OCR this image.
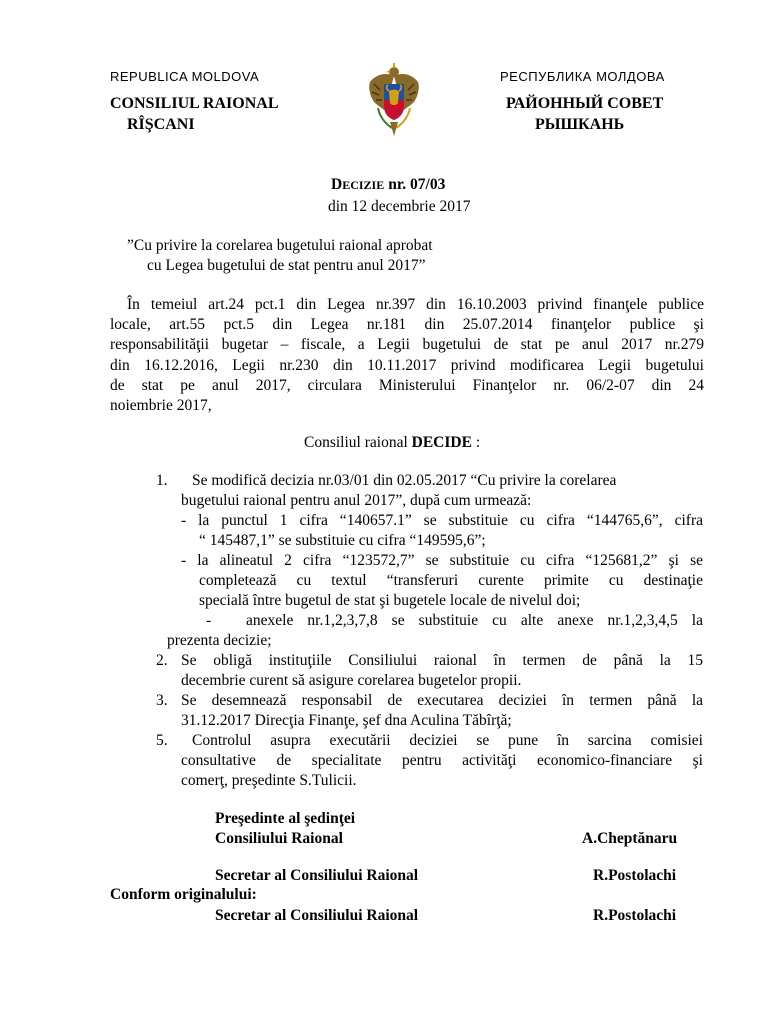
REPUBLICA MOLDOVA
CONSILIUL RAIONAL
RÎŞCANI
РЕСПУБЛИКА МОЛДОВА
РАЙОННЫЙ СОВЕТ
РЫШКАНЬ
DECIZIE nr. 07/03
din 12 decembrie 2017
”Cu privire la corelarea bugetului raional aprobat
cu Legea bugetului de stat pentru anul 2017”
În temeiul art.24 pct.1 din Legea nr.397 din 16.10.2003 privind finanţele publice
locale, art.55 pct.5 din Legea nr.181 din 25.07.2014 finanţelor publice şi
responsabilităţii bugetar – fiscale, a Legii bugetului de stat pe anul 2017 nr.279
din 16.12.2016, Legii nr.230 din 10.11.2017 privind modificarea Legii bugetului
de stat pe anul 2017, circulara Ministerului Finanţelor nr. 06/2-07 din 24
noiembrie 2017,
Consiliul raional DECIDE :
1. Se modifică decizia nr.03/01 din 02.05.2017 “Cu privire la corelarea
bugetului raional pentru anul 2017”, după cum urmează:
- la punctul 1 cifra “140657.1” se substituie cu cifra “144765,6”, cifra
“ 145487,1” se substituie cu cifra “149595,6”;
- la alineatul 2 cifra “123572,7” se substituie cu cifra “125681,2” şi se
completează cu textul “transferuri curente primite cu destinaţie
specială între bugetul de stat şi bugetele locale de nivelul doi;
- anexele nr.1,2,3,7,8 se substituie cu alte anexe nr.1,2,3,4,5 la
prezenta decizie;
2. Se obligă instituţiile Consiliului raional în termen de până la 15
decembrie curent să asigure corelarea bugetelor propii.
3. Se desemnează responsabil de executarea deciziei în termen până la
31.12.2017 Direcţia Finanţe, şef dna Aculina Tăbîrţă;
5. Controlul asupra executării deciziei se pune în sarcina comisiei
consultative de specialitate pentru activităţi economico-financiare şi
comerţ, preşedinte S.Tulicii.
Preşedinte al şedinţei
Consiliului Raional	A.Cheptănaru
Secretar al Consiliului Raional	R.Postolachi
Conform originalului:
Secretar al Consiliului Raional	R.Postolachi
